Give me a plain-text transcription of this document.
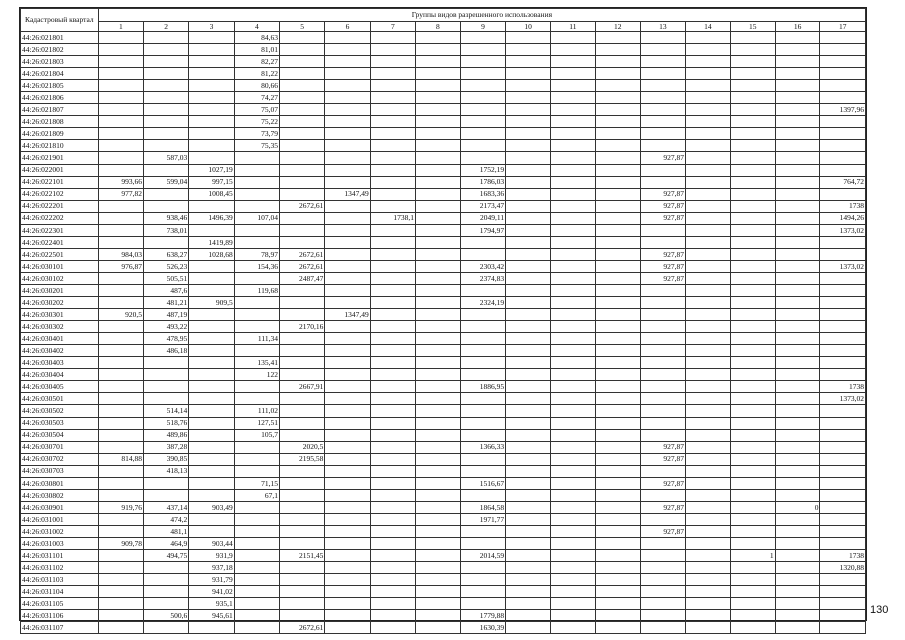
Кадастровый квартал	Группы видов разрешенного использования																
	1	2	3	4	5	6	7	8	9	10	11	12	13	14	15	16	17
44:26:021801				84,63													
44:26:021802				81,01													
44:26:021803				82,27													
44:26:021804				81,22													
44:26:021805				80,66													
44:26:021806				74,27													
44:26:021807				75,07													1397,96
44:26:021808				75,22													
44:26:021809				73,79													
44:26:021810				75,35													
44:26:021901		587,03											927,87				
44:26:022001			1027,19						1752,19								
44:26:022101	993,66	599,04	997,15						1786,03								764,72
44:26:022102	977,82		1008,45			1347,49			1683,36				927,87				
44:26:022201					2672,61				2173,47				927,87				1738
44:26:022202		938,46	1496,39	107,04			1738,1		2049,11				927,87				1494,26
44:26:022301		738,01							1794,97								1373,02
44:26:022401			1419,89														
44:26:022501	984,03	638,27	1028,68	78,97	2672,61								927,87				
44:26:030101	976,87	526,23		154,36	2672,61				2303,42				927,87				1373,02
44:26:030102		505,51			2487,47				2374,83				927,87				
44:26:030201		487,6		119,68													
44:26:030202		481,21	909,5						2324,19								
44:26:030301	920,5	487,19				1347,49											
44:26:030302		493,22			2170,16												
44:26:030401		478,95		111,34													
44:26:030402		486,18															
44:26:030403				135,41													
44:26:030404				122													
44:26:030405					2667,91				1886,95								1738
44:26:030501																	1373,02
44:26:030502		514,14		111,02													
44:26:030503		518,76		127,51													
44:26:030504		489,86		105,7													
44:26:030701		387,28			2020,5				1366,33				927,87				
44:26:030702	814,88	390,85			2195,58								927,87				
44:26:030703		418,13															
44:26:030801				71,15					1516,67				927,87				
44:26:030802				67,1													
44:26:030901	919,76	437,14	903,49						1864,58				927,87			0	
44:26:031001		474,2							1971,77								
44:26:031002		481,1											927,87				
44:26:031003	909,78	464,9	903,44														
44:26:031101		494,75	931,9		2151,45				2014,59						1		1738
44:26:031102			937,18														1320,88
44:26:031103			931,79														
44:26:031104			941,02														
44:26:031105			935,1														
44:26:031106		500,6	945,61						1779,88								
44:26:031107					2672,61				1630,39								
130
